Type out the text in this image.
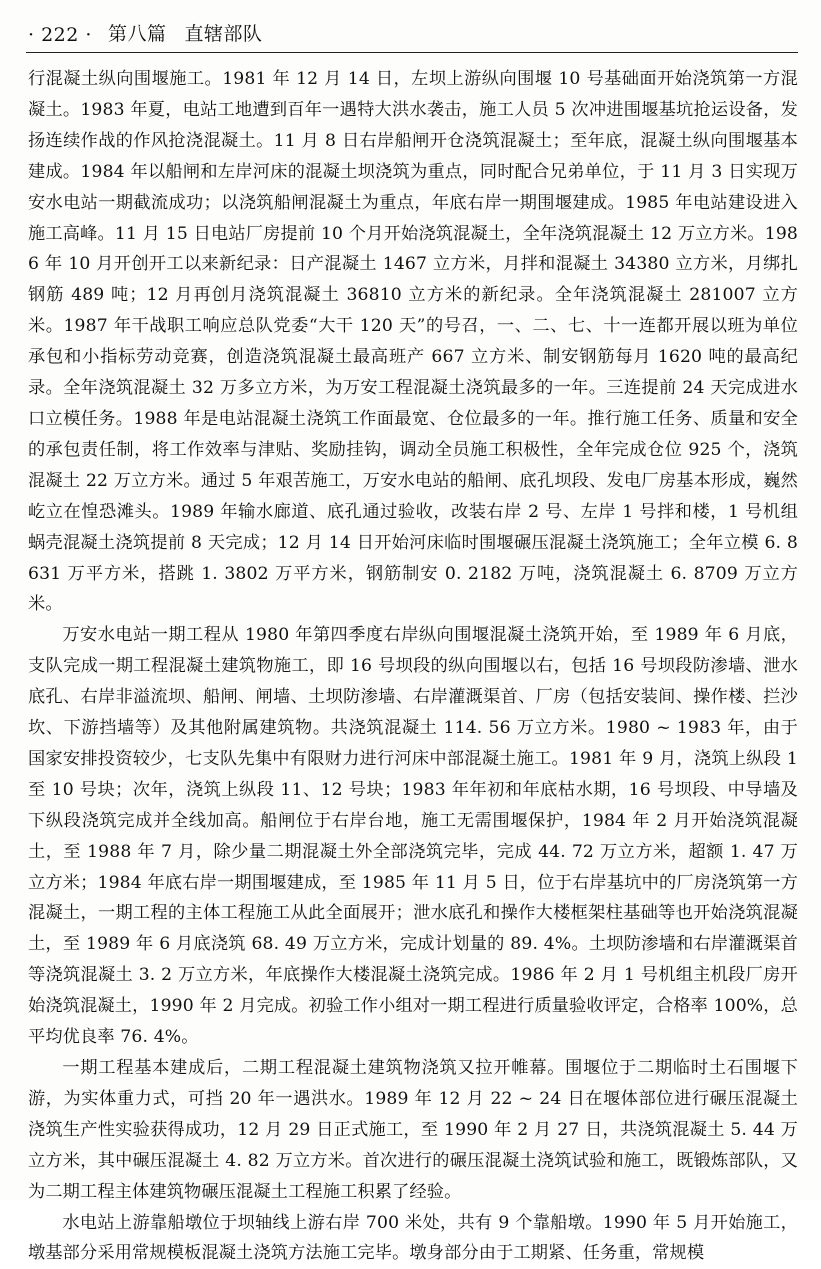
· 222 · 第八篇 直辖部队

行混凝土纵向围堰施工。1981 年 12 月 14 日，左坝上游纵向围堰 10 号基础面开始浇筑第一方混凝土。1983 年夏，电站工地遭到百年一遇特大洪水袭击，施工人员 5 次冲进围堰基坑抢运设备，发扬连续作战的作风抢浇混凝土。11 月 8 日右岸船闸开仓浇筑混凝土；至年底，混凝土纵向围堰基本建成。1984 年以船闸和左岸河床的混凝土坝浇筑为重点，同时配合兄弟单位，于 11 月 3 日实现万安水电站一期截流成功；以浇筑船闸混凝土为重点，年底右岸一期围堰建成。1985 年电站建设进入施工高峰。11 月 15 日电站厂房提前 10 个月开始浇筑混凝土，全年浇筑混凝土 12 万立方米。1986 年 10 月开创开工以来新纪录：日产混凝土 1467 立方米，月拌和混凝土 34380 立方米，月绑扎钢筋 489 吨；12 月再创月浇筑混凝土 36810 立方米的新纪录。全年浇筑混凝土 281007 立方米。1987 年干战职工响应总队党委“大干 120 天”的号召，一、二、七、十一连都开展以班为单位承包和小指标劳动竞赛，创造浇筑混凝土最高班产 667 立方米、制安钢筋每月 1620 吨的最高纪录。全年浇筑混凝土 32 万多立方米，为万安工程混凝土浇筑最多的一年。三连提前 24 天完成进水口立模任务。1988 年是电站混凝土浇筑工作面最宽、仓位最多的一年。推行施工任务、质量和安全的承包责任制，将工作效率与津贴、奖励挂钩，调动全员施工积极性，全年完成仓位 925 个，浇筑混凝土 22 万立方米。通过 5 年艰苦施工，万安水电站的船闸、底孔坝段、发电厂房基本形成，巍然屹立在惶恐滩头。1989 年输水廊道、底孔通过验收，改装右岸 2 号、左岸 1 号拌和楼，1 号机组蜗壳混凝土浇筑提前 8 天完成；12 月 14 日开始河床临时围堰碾压混凝土浇筑施工；全年立模 6. 8631 万平方米，搭跳 1. 3802 万平方米，钢筋制安 0. 2182 万吨，浇筑混凝土 6. 8709 万立方米。

万安水电站一期工程从 1980 年第四季度右岸纵向围堰混凝土浇筑开始，至 1989 年 6 月底，支队完成一期工程混凝土建筑物施工，即 16 号坝段的纵向围堰以右，包括 16 号坝段防渗墙、泄水底孔、右岸非溢流坝、船闸、闸墙、土坝防渗墙、右岸灌溉渠首、厂房（包括安装间、操作楼、拦沙坎、下游挡墙等）及其他附属建筑物。共浇筑混凝土 114. 56 万立方米。1980 ~ 1983 年，由于国家安排投资较少，七支队先集中有限财力进行河床中部混凝土施工。1981 年 9 月，浇筑上纵段 1 至 10 号块；次年，浇筑上纵段 11、12 号块；1983 年年初和年底枯水期，16 号坝段、中导墙及下纵段浇筑完成并全线加高。船闸位于右岸台地，施工无需围堰保护，1984 年 2 月开始浇筑混凝土，至 1988 年 7 月，除少量二期混凝土外全部浇筑完毕，完成 44. 72 万立方米，超额 1. 47 万立方米；1984 年底右岸一期围堰建成，至 1985 年 11 月 5 日，位于右岸基坑中的厂房浇筑第一方混凝土，一期工程的主体工程施工从此全面展开；泄水底孔和操作大楼框架柱基础等也开始浇筑混凝土，至 1989 年 6 月底浇筑 68. 49 万立方米，完成计划量的 89. 4%。土坝防渗墙和右岸灌溉渠首等浇筑混凝土 3. 2 万立方米，年底操作大楼混凝土浇筑完成。1986 年 2 月 1 号机组主机段厂房开始浇筑混凝土，1990 年 2 月完成。初验工作小组对一期工程进行质量验收评定，合格率 100%，总平均优良率 76. 4%。

一期工程基本建成后，二期工程混凝土建筑物浇筑又拉开帷幕。围堰位于二期临时土石围堰下游，为实体重力式，可挡 20 年一遇洪水。1989 年 12 月 22 ~ 24 日在堰体部位进行碾压混凝土浇筑生产性实验获得成功，12 月 29 日正式施工，至 1990 年 2 月 27 日，共浇筑混凝土 5. 44 万立方米，其中碾压混凝土 4. 82 万立方米。首次进行的碾压混凝土浇筑试验和施工，既锻炼部队，又为二期工程主体建筑物碾压混凝土工程施工积累了经验。

水电站上游靠船墩位于坝轴线上游右岸 700 米处，共有 9 个靠船墩。1990 年 5 月开始施工，墩基部分采用常规模板混凝土浇筑方法施工完毕。墩身部分由于工期紧、任务重，常规模
